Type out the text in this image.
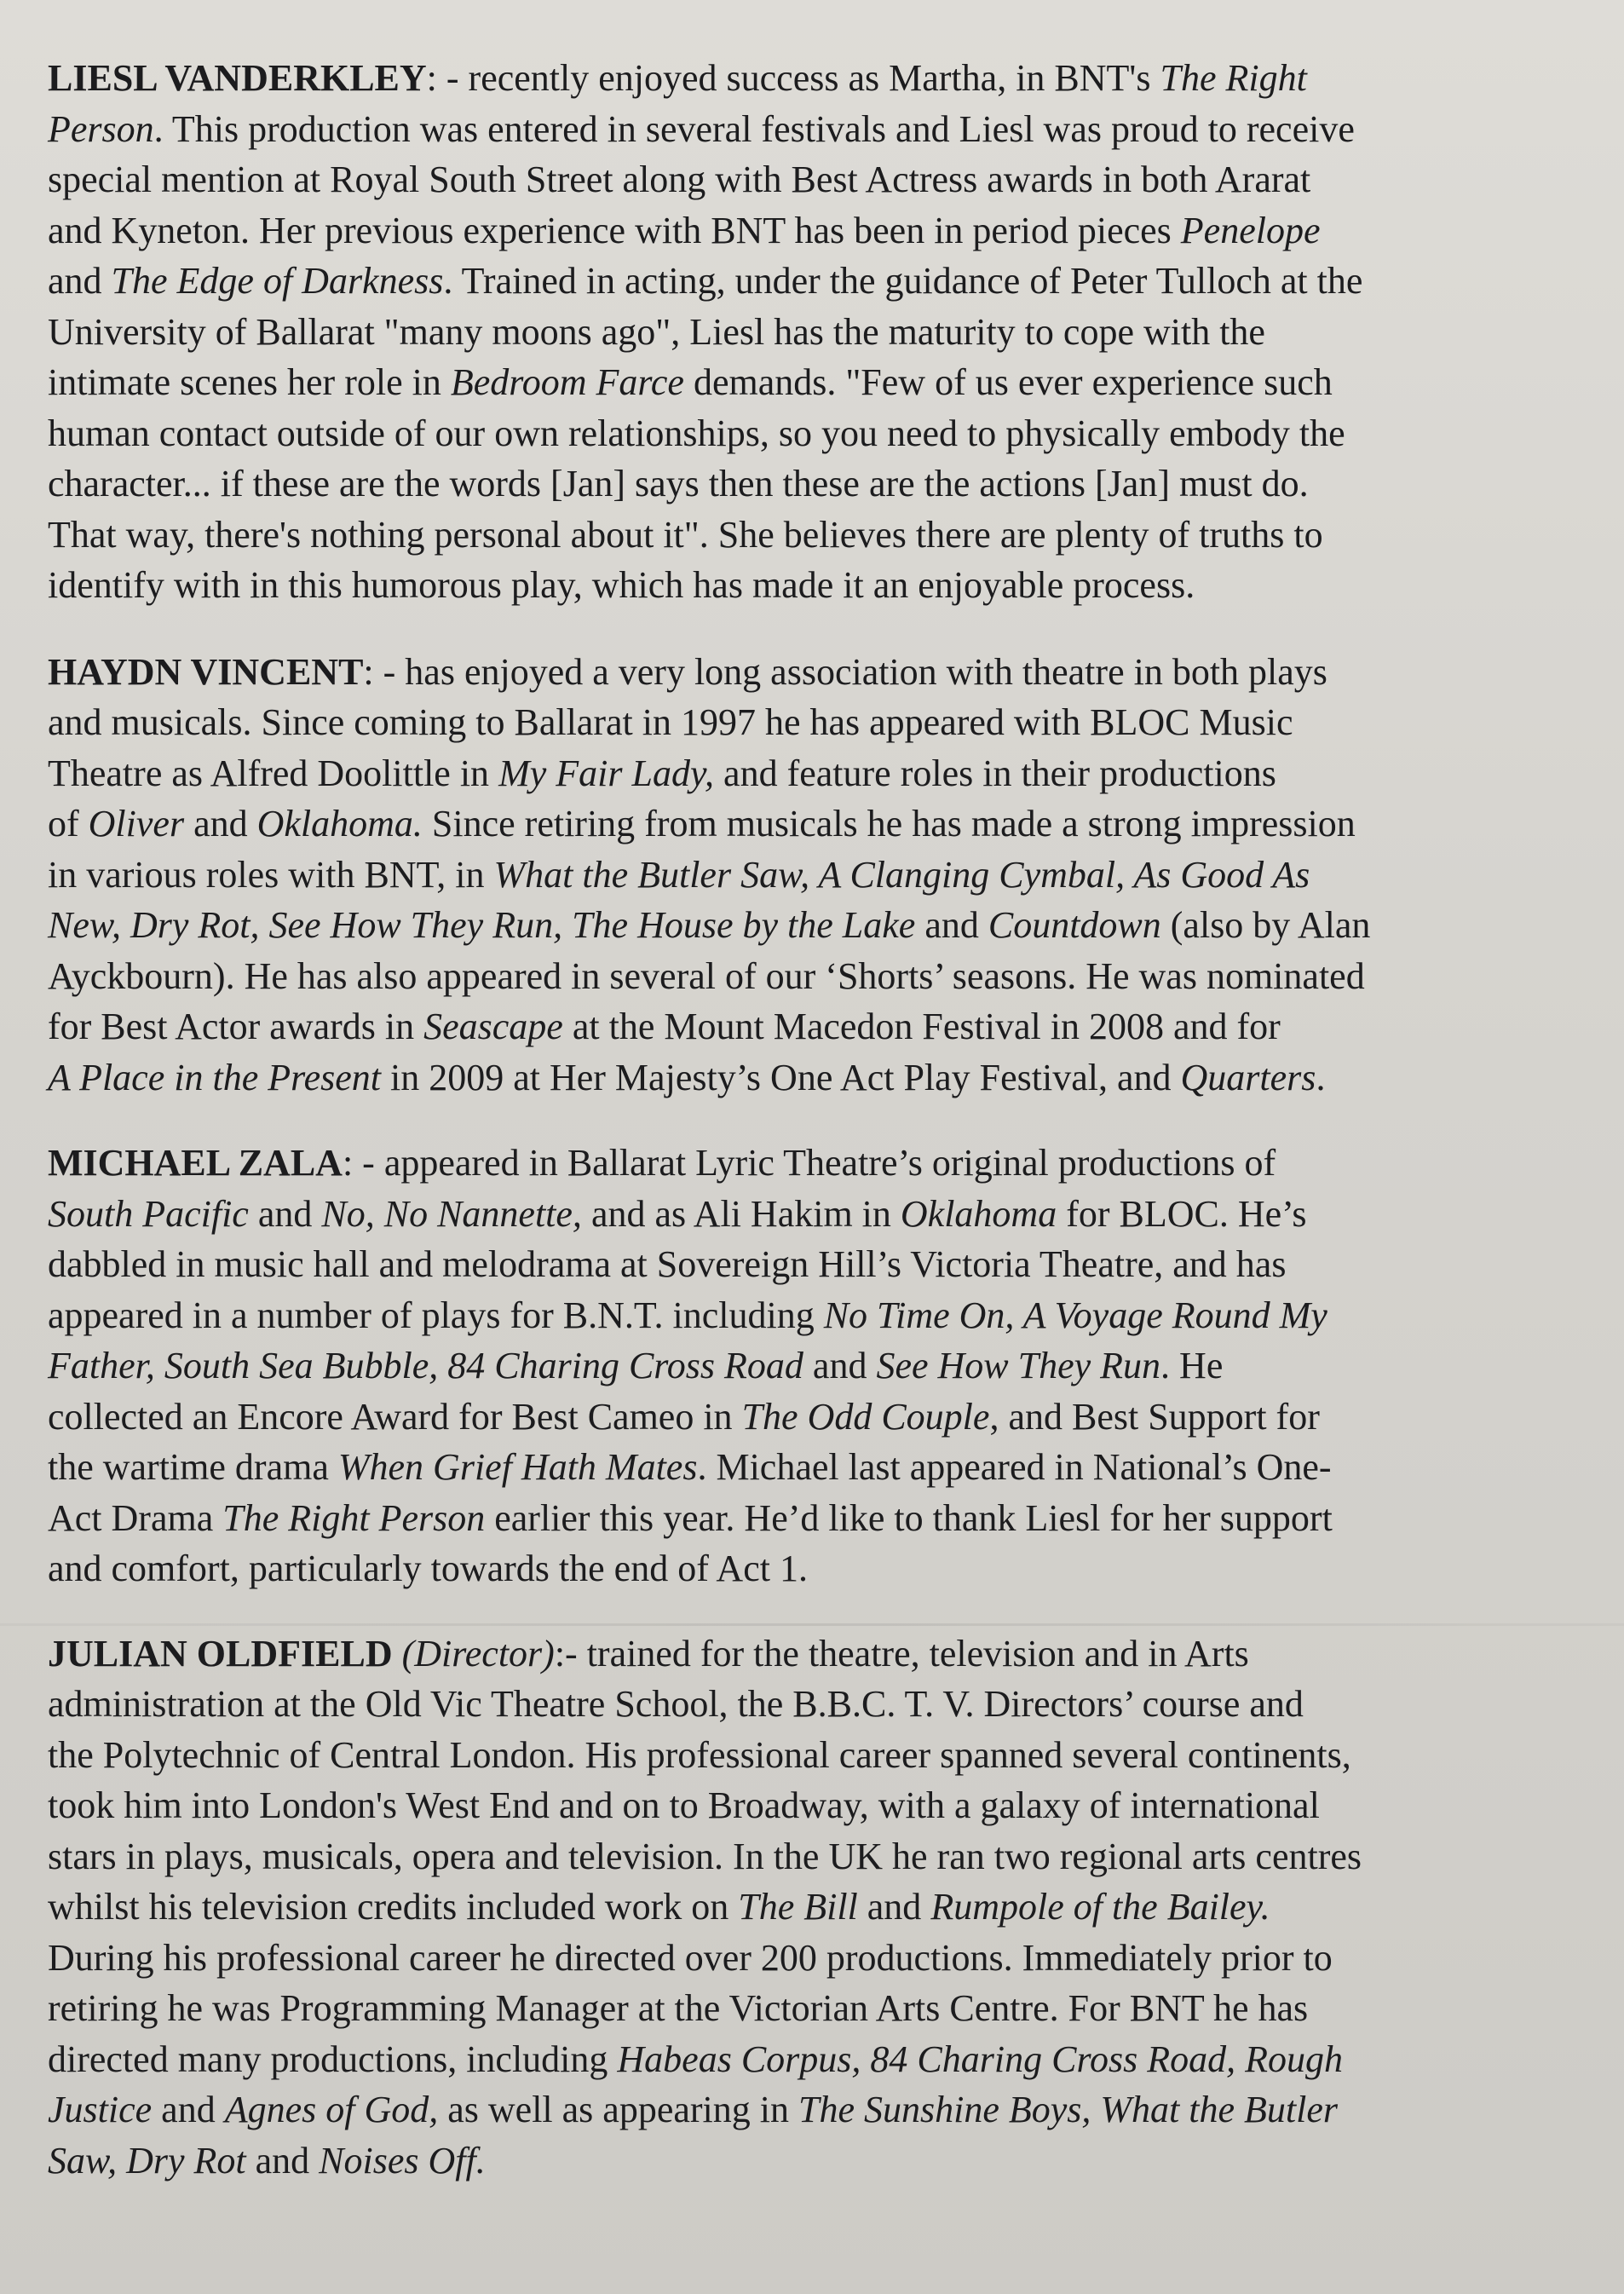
LIESL VANDERKLEY: - recently enjoyed success as Martha, in BNT's The Right
Person. This production was entered in several festivals and Liesl was proud to receive
special mention at Royal South Street along with Best Actress awards in both Ararat
and Kyneton. Her previous experience with BNT has been in period pieces Penelope
and The Edge of Darkness. Trained in acting, under the guidance of Peter Tulloch at the
University of Ballarat "many moons ago", Liesl has the maturity to cope with the
intimate scenes her role in Bedroom Farce demands. "Few of us ever experience such
human contact outside of our own relationships, so you need to physically embody the
character... if these are the words [Jan] says then these are the actions [Jan] must do.
That way, there's nothing personal about it". She believes there are plenty of truths to
identify with in this humorous play, which has made it an enjoyable process.
HAYDN VINCENT: - has enjoyed a very long association with theatre in both plays
and musicals. Since coming to Ballarat in 1997 he has appeared with BLOC Music
Theatre as Alfred Doolittle in My Fair Lady, and feature roles in their productions
of Oliver and Oklahoma. Since retiring from musicals he has made a strong impression
in various roles with BNT, in What the Butler Saw, A Clanging Cymbal, As Good As
New, Dry Rot, See How They Run, The House by the Lake and Countdown (also by Alan
Ayckbourn). He has also appeared in several of our ‘Shorts’ seasons. He was nominated
for Best Actor awards in Seascape at the Mount Macedon Festival in 2008 and for
A Place in the Present in 2009 at Her Majesty’s One Act Play Festival, and Quarters.
MICHAEL ZALA: - appeared in Ballarat Lyric Theatre’s original productions of
South Pacific and No, No Nannette, and as Ali Hakim in Oklahoma for BLOC. He’s
dabbled in music hall and melodrama at Sovereign Hill’s Victoria Theatre, and has
appeared in a number of plays for B.N.T. including No Time On, A Voyage Round My
Father, South Sea Bubble, 84 Charing Cross Road and See How They Run. He
collected an Encore Award for Best Cameo in The Odd Couple, and Best Support for
the wartime drama When Grief Hath Mates. Michael last appeared in National’s One-
Act Drama The Right Person earlier this year. He’d like to thank Liesl for her support
and comfort, particularly towards the end of Act 1.
JULIAN OLDFIELD (Director):- trained for the theatre, television and in Arts
administration at the Old Vic Theatre School, the B.B.C. T. V. Directors’ course and
the Polytechnic of Central London. His professional career spanned several continents,
took him into London's West End and on to Broadway, with a galaxy of international
stars in plays, musicals, opera and television. In the UK he ran two regional arts centres
whilst his television credits included work on The Bill and Rumpole of the Bailey.
During his professional career he directed over 200 productions. Immediately prior to
retiring he was Programming Manager at the Victorian Arts Centre. For BNT he has
directed many productions, including Habeas Corpus, 84 Charing Cross Road, Rough
Justice and Agnes of God, as well as appearing in The Sunshine Boys, What the Butler
Saw, Dry Rot and Noises Off.
